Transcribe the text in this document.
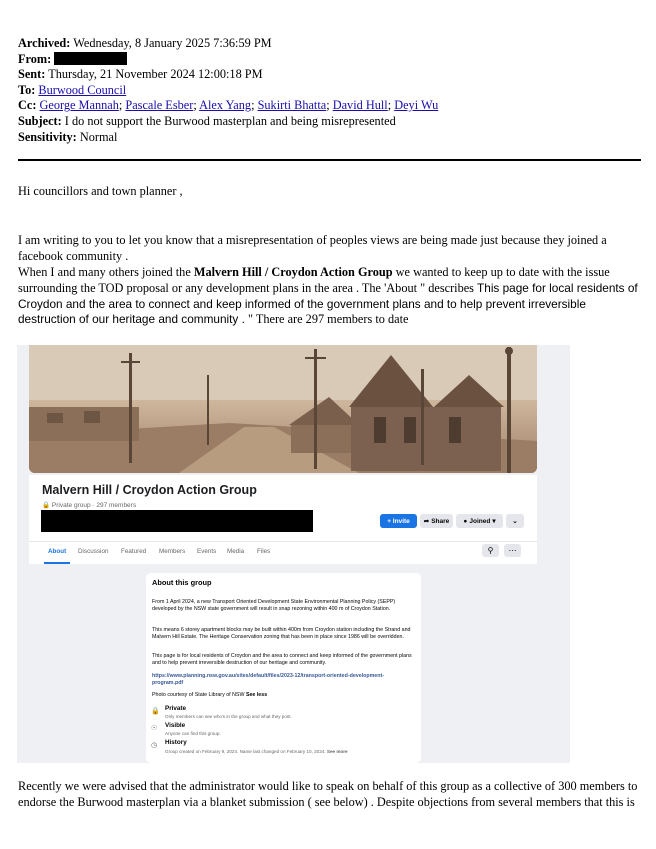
Archived: Wednesday, 8 January 2025 7:36:59 PM
From:
Sent: Thursday, 21 November 2024 12:00:18 PM
To: Burwood Council
Cc: George Mannah; Pascale Esber; Alex Yang; Sukirti Bhatta; David Hull; Deyi Wu
Subject: I do not support the Burwood masterplan and being misrepresented
Sensitivity: Normal
Hi councillors and town planner ,
I am writing to you to let you know that a misrepresentation of peoples views are being made just because they joined a facebook community .
When I and many others joined the Malvern Hill / Croydon Action Group we wanted to keep up to date with the issue surrounding the TOD proposal or any development plans in the area . The 'About " describes This page for local residents of Croydon and the area to connect and keep informed of the government plans and to help prevent irreversible destruction of our heritage and community . " There are 297 members to date
Malvern Hill / Croydon Action Group
🔒 Private group · 297 members
+ Invite	➦ Share ● Joined ▾	⌄
About Discussion Featured Members Events Media Files	⚲	⋯
About this group
From 1 April 2024, a new Transport Oriented Development State Environmental Planning Policy (SEPP) developed by the NSW state government will result in snap rezoning within 400 m of Croydon Station.
This means 6 storey apartment blocks may be built within 400m from Croydon station including the Strand and Malvern Hill Estate. The Heritage Conservation zoning that has been in place since 1986 will be overridden.
This page is for local residents of Croydon and the area to connect and keep informed of the government plans and to help prevent irreversible destruction of our heritage and community.
https://www.planning.nsw.gov.au/sites/default/files/2023-12/transport-oriented-development-program.pdf
Photo courtesy of State Library of NSW See less
🔒 Private
Only members can see who's in the group and what they post.
☉ Visible
Anyone can find this group.
◷ History
Group created on February 9, 2024. Name last changed on February 10, 2024. See more
Recently we were advised that the administrator would like to speak on behalf of this group as a collective of 300 members to endorse the Burwood masterplan via a blanket submission ( see below) . Despite objections from several members that this is
